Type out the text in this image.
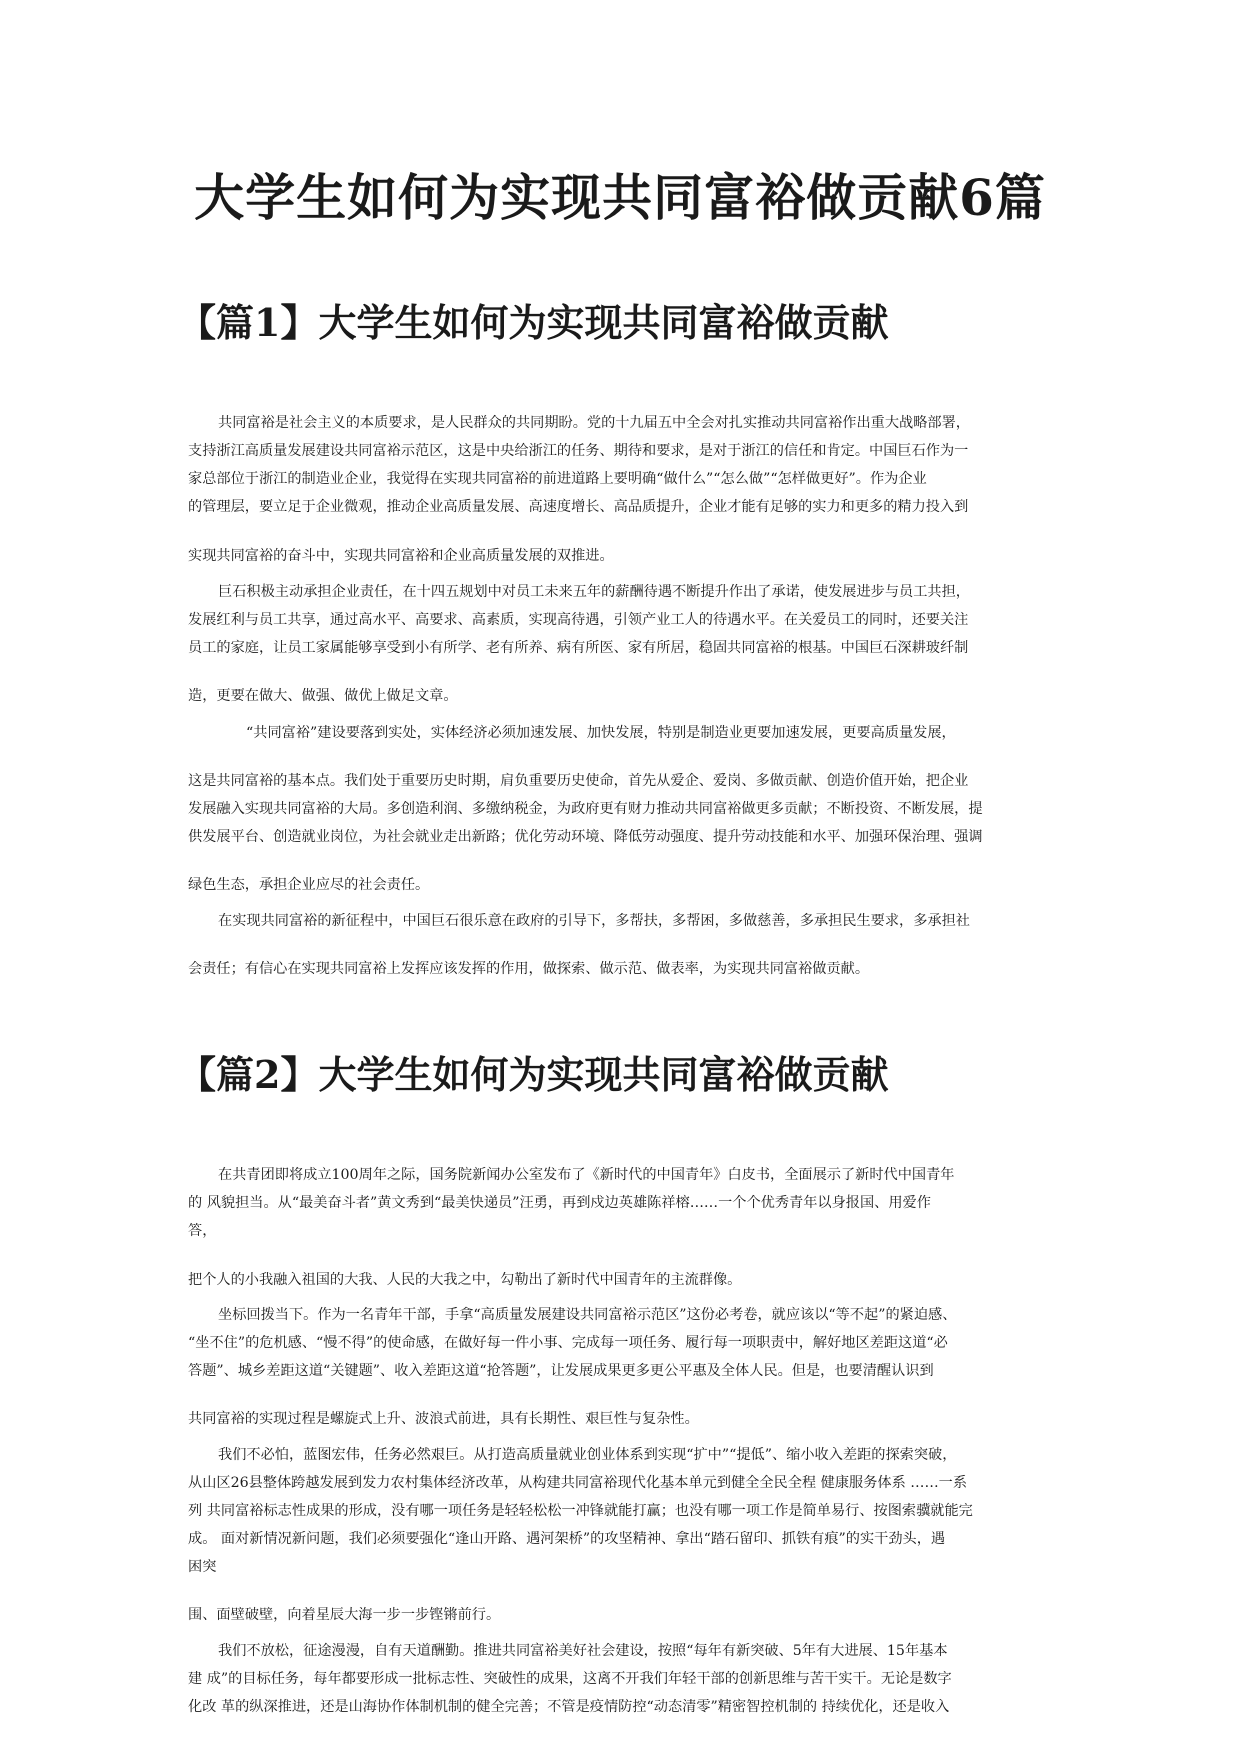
大学生如何为实现共同富裕做贡献6篇
【篇1】大学生如何为实现共同富裕做贡献

共同富裕是社会主义的本质要求，是人民群众的共同期盼。党的十九届五中全会对扎实推动共同富裕作出重大战略部署，

支持浙江高质量发展建设共同富裕示范区，这是中央给浙江的任务、期待和要求，是对于浙江的信任和肯定。中国巨石作为一

家总部位于浙江的制造业企业，我觉得在实现共同富裕的前进道路上要明确“做什么”“怎么做”“怎样做更好”。作为企业

的管理层，要立足于企业微观，推动企业高质量发展、高速度增长、高品质提升，企业才能有足够的实力和更多的精力投入到

实现共同富裕的奋斗中，实现共同富裕和企业高质量发展的双推进。

巨石积极主动承担企业责任，在十四五规划中对员工未来五年的薪酬待遇不断提升作出了承诺，使发展进步与员工共担，

发展红利与员工共享，通过高水平、高要求、高素质，实现高待遇，引领产业工人的待遇水平。在关爱员工的同时，还要关注

员工的家庭，让员工家属能够享受到小有所学、老有所养、病有所医、家有所居，稳固共同富裕的根基。中国巨石深耕玻纤制

造，更要在做大、做强、做优上做足文章。

“共同富裕”建设要落到实处，实体经济必须加速发展、加快发展，特别是制造业更要加速发展，更要高质量发展，

这是共同富裕的基本点。我们处于重要历史时期，肩负重要历史使命，首先从爱企、爱岗、多做贡献、创造价值开始，把企业

发展融入实现共同富裕的大局。多创造利润、多缴纳税金，为政府更有财力推动共同富裕做更多贡献；不断投资、不断发展，提

供发展平台、创造就业岗位，为社会就业走出新路；优化劳动环境、降低劳动强度、提升劳动技能和水平、加强环保治理、强调

绿色生态，承担企业应尽的社会责任。

在实现共同富裕的新征程中，中国巨石很乐意在政府的引导下，多帮扶，多帮困，多做慈善，多承担民生要求，多承担社

会责任；有信心在实现共同富裕上发挥应该发挥的作用，做探索、做示范、做表率，为实现共同富裕做贡献。

【篇2】大学生如何为实现共同富裕做贡献

在共青团即将成立100周年之际，国务院新闻办公室发布了《新时代的中国青年》白皮书，全面展示了新时代中国青年

的 风貌担当。从“最美奋斗者”黄文秀到“最美快递员”汪勇，再到戍边英雄陈祥榕……一个个优秀青年以身报国、用爱作

答，

把个人的小我融入祖国的大我、人民的大我之中，勾勒出了新时代中国青年的主流群像。

坐标回拨当下。作为一名青年干部，手拿“高质量发展建设共同富裕示范区”这份必考卷，就应该以“等不起”的紧迫感、

“坐不住”的危机感、“慢不得”的使命感，在做好每一件小事、完成每一项任务、履行每一项职责中，解好地区差距这道“必

答题”、城乡差距这道“关键题”、收入差距这道“抢答题”，让发展成果更多更公平惠及全体人民。但是，也要清醒认识到

共同富裕的实现过程是螺旋式上升、波浪式前进，具有长期性、艰巨性与复杂性。

我们不必怕，蓝图宏伟，任务必然艰巨。从打造高质量就业创业体系到实现“扩中”“提低”、缩小收入差距的探索突破，

从山区26县整体跨越发展到发力农村集体经济改革，从构建共同富裕现代化基本单元到健全全民全程 健康服务体系 ……一系

列 共同富裕标志性成果的形成，没有哪一项任务是轻轻松松一冲锋就能打赢；也没有哪一项工作是简单易行、按图索骥就能完

成。 面对新情况新问题，我们必须要强化“逢山开路、遇河架桥”的攻坚精神、拿出“踏石留印、抓铁有痕”的实干劲头，遇

困突

围、面壁破壁，向着星辰大海一步一步铿锵前行。

我们不放松，征途漫漫，自有天道酬勤。推进共同富裕美好社会建设，按照“每年有新突破、5年有大进展、15年基本

建 成”的目标任务，每年都要形成一批标志性、突破性的成果，这离不开我们年轻干部的创新思维与苦干实干。无论是数字

化改 革的纵深推进，还是山海协作体制机制的健全完善；不管是疫情防控“动态清零”精密智控机制的 持续优化，还是收入
